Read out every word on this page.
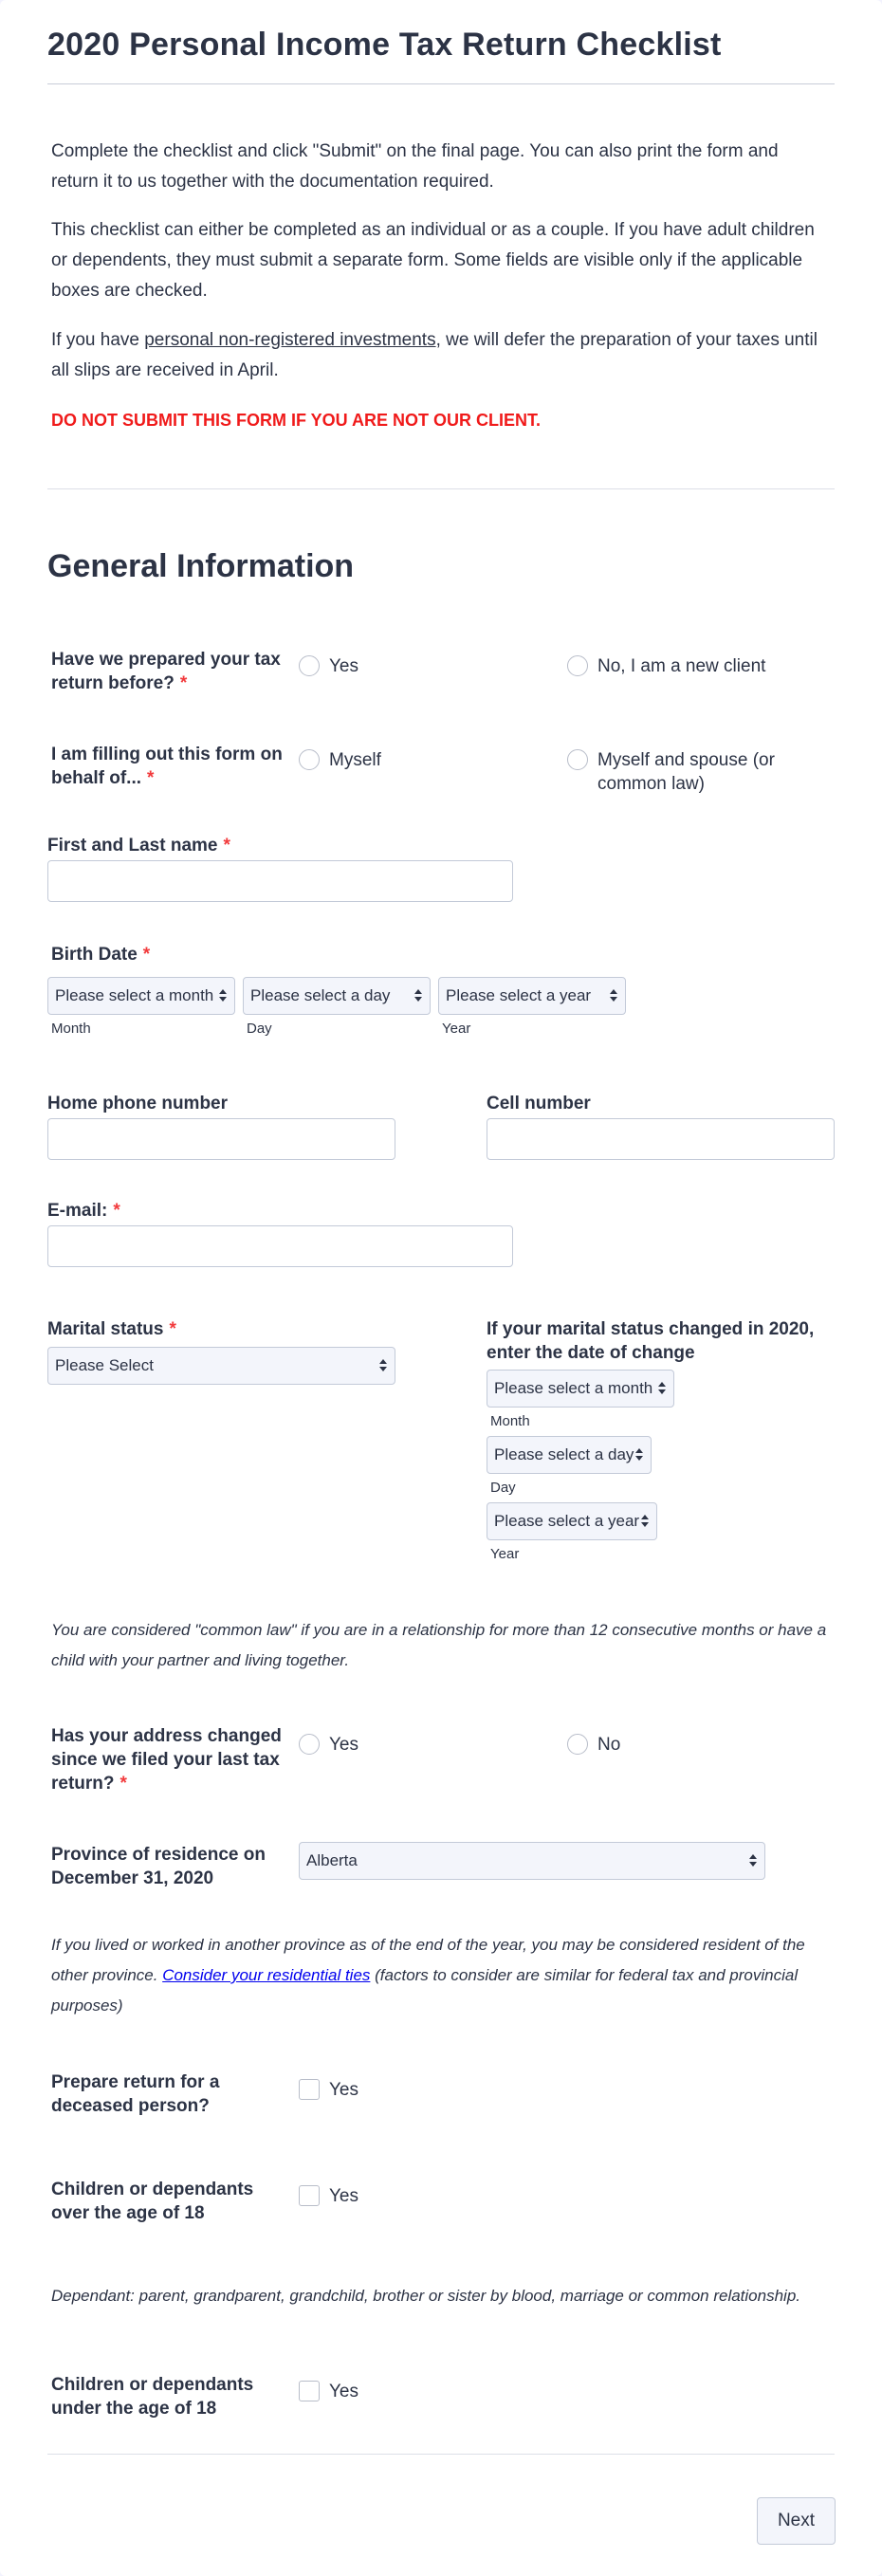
2020 Personal Income Tax Return Checklist
Complete the checklist and click "Submit" on the final page. You can also print the form and return it to us together with the documentation required.
This checklist can either be completed as an individual or as a couple. If you have adult children or dependents, they must submit a separate form. Some fields are visible only if the applicable boxes are checked.
If you have personal non-registered investments, we will defer the preparation of your taxes until all slips are received in April.
DO NOT SUBMIT THIS FORM IF YOU ARE NOT OUR CLIENT.
General Information
Have we prepared your tax return before? *
Yes	No, I am a new client
I am filling out this form on behalf of... *
Myself	Myself and spouse (or common law)
First and Last name *
Birth Date *
Please select a month	Please select a day	Please select a year
Month	Day	Year
Home phone number	Cell number
E-mail: *
Marital status *
Please Select
If your marital status changed in 2020, enter the date of change
Please select a month
Month
Please select a day
Day
Please select a year
Year
You are considered "common law" if you are in a relationship for more than 12 consecutive months or have a child with your partner and living together.
Has your address changed since we filed your last tax return? *
Yes	No
Province of residence on December 31, 2020
Alberta
If you lived or worked in another province as of the end of the year, you may be considered resident of the other province. Consider your residential ties (factors to consider are similar for federal tax and provincial purposes)
Prepare return for a deceased person?
Yes
Children or dependants over the age of 18
Yes
Dependant: parent, grandparent, grandchild, brother or sister by blood, marriage or common relationship.
Children or dependants under the age of 18
Yes
Next
